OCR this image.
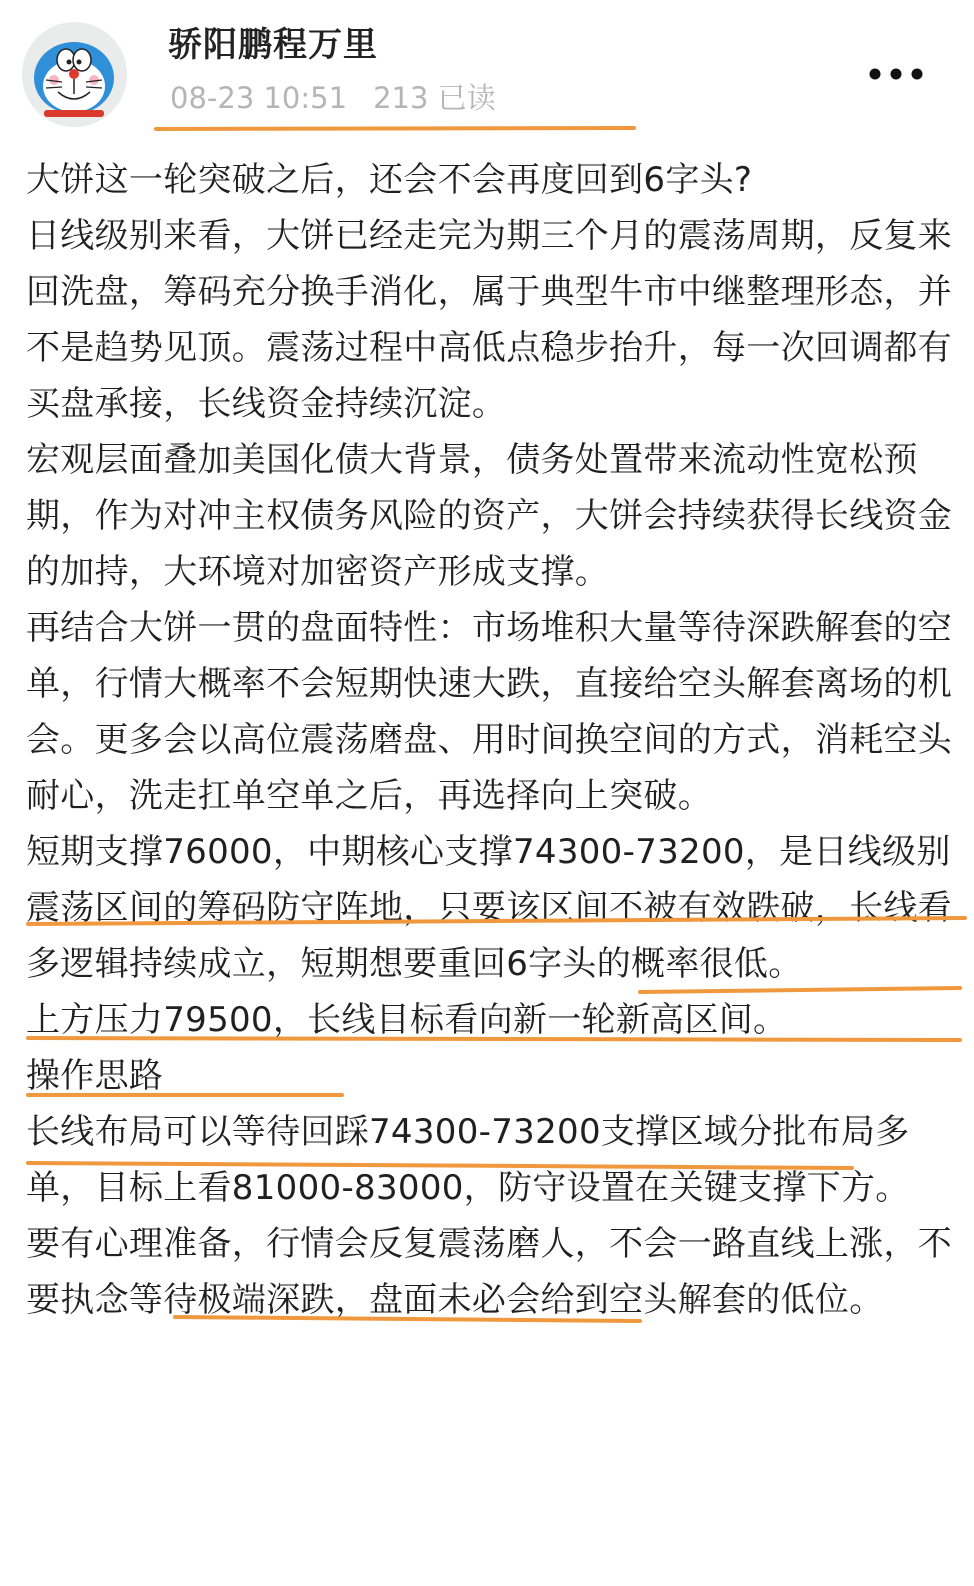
骄阳鹏程万里
08-23 10:51 213 已读

大饼这一轮突破之后，还会不会再度回到6字头?

日线级别来看，大饼已经走完为期三个月的震荡周期，反复来回洗盘，筹码充分换手消化，属于典型牛市中继整理形态，并不是趋势见顶。震荡过程中高低点稳步抬升，每一次回调都有买盘承接，长线资金持续沉淀。

宏观层面叠加美国化债大背景，债务处置带来流动性宽松预期，作为对冲主权债务风险的资产，大饼会持续获得长线资金的加持，大环境对加密资产形成支撑。

再结合大饼一贯的盘面特性：市场堆积大量等待深跌解套的空单，行情大概率不会短期快速大跌，直接给空头解套离场的机会。更多会以高位震荡磨盘、用时间换空间的方式，消耗空头耐心，洗走扛单空单之后，再选择向上突破。

短期支撑76000，中期核心支撑74300-73200，是日线级别震荡区间的筹码防守阵地，只要该区间不被有效跌破，长线看多逻辑持续成立，短期想要重回6字头的概率很低。

上方压力79500，长线目标看向新一轮新高区间。

操作思路

长线布局可以等待回踩74300-73200支撑区域分批布局多单，目标上看81000-83000，防守设置在关键支撑下方。

要有心理准备，行情会反复震荡磨人，不会一路直线上涨，不要执念等待极端深跌，盘面未必会给到空头解套的低位。
